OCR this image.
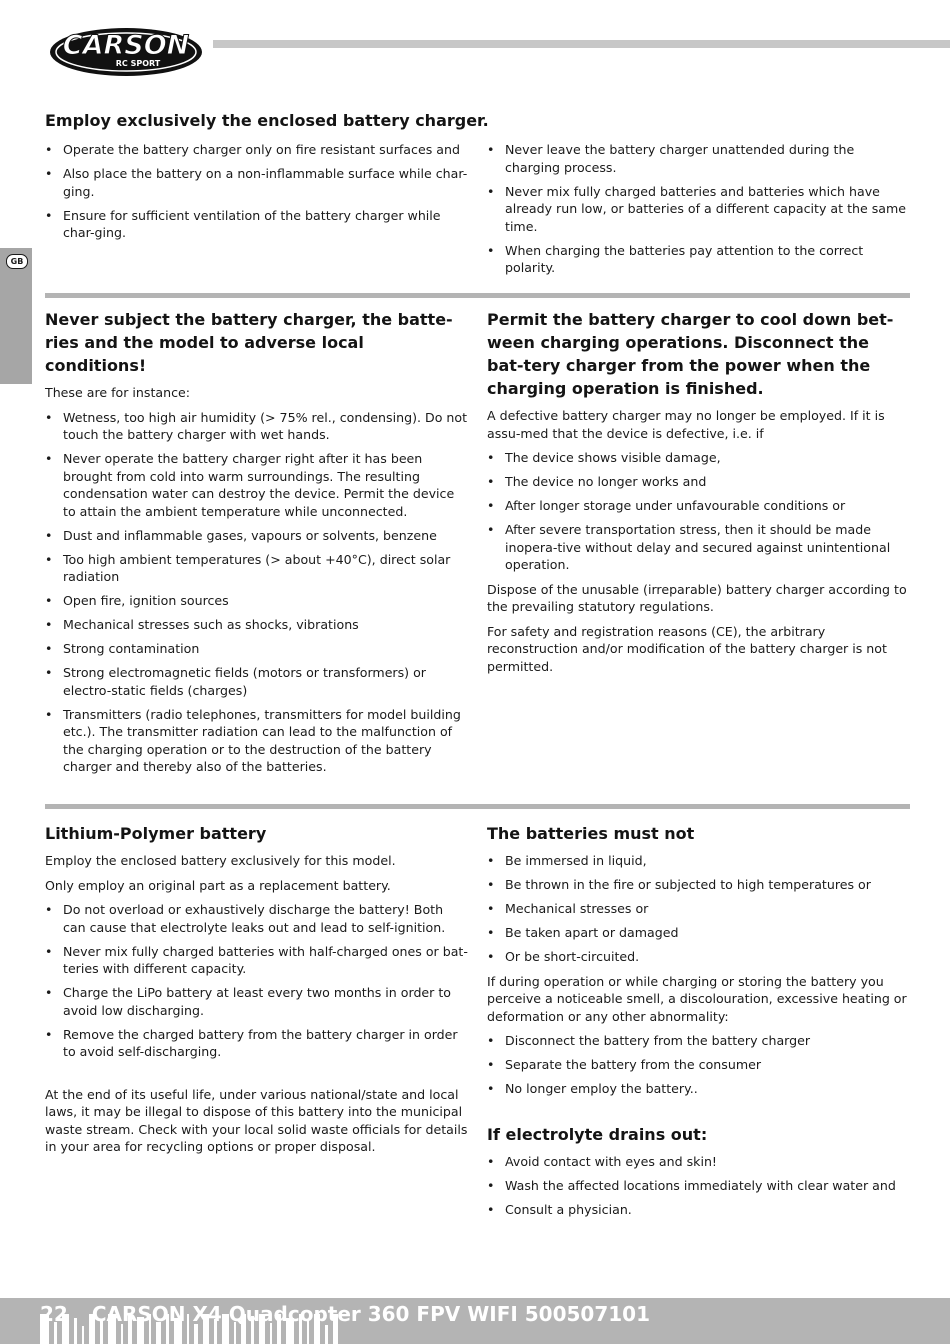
CARSON
RC SPORT
GB
Employ exclusively the enclosed battery charger.
• Operate the battery charger only on fire resistant surfaces and
• Also place the battery on a non-inflammable surface while char-ging.
• Ensure for sufficient ventilation of the battery charger while char-ging.
• Never leave the battery charger unattended during the charging process.
• Never mix fully charged batteries and batteries which have already run low, or batteries of a different capacity at the same time.
• When charging the batteries pay attention to the correct polarity.
Never subject the battery charger, the batte-ries and the model to adverse local conditions!

These are for instance:

• Wetness, too high air humidity (> 75% rel., condensing). Do not touch the battery charger with wet hands.
• Never operate the battery charger right after it has been brought from cold into warm surroundings. The resulting condensation water can destroy the device. Permit the device to attain the ambient temperature while unconnected.
• Dust and inflammable gases, vapours or solvents, benzene
• Too high ambient temperatures (> about +40°C), direct solar radiation
• Open fire, ignition sources
• Mechanical stresses such as shocks, vibrations
• Strong contamination
• Strong electromagnetic fields (motors or transformers) or electro-static fields (charges)
• Transmitters (radio telephones, transmitters for model building etc.). The transmitter radiation can lead to the malfunction of the charging operation or to the destruction of the battery charger and thereby also of the batteries.
Permit the battery charger to cool down bet-ween charging operations. Disconnect the bat-tery charger from the power when the charging operation is finished.

A defective battery charger may no longer be employed. If it is assu-med that the device is defective, i.e. if

• The device shows visible damage,
• The device no longer works and
• After longer storage under unfavourable conditions or
• After severe transportation stress, then it should be made inopera-tive without delay and secured against unintentional operation.

Dispose of the unusable (irreparable) battery charger according to the prevailing statutory regulations.

For safety and registration reasons (CE), the arbitrary reconstruction and/or modification of the battery charger is not permitted.

Lithium-Polymer battery

Employ the enclosed battery exclusively for this model.

Only employ an original part as a replacement battery.

• Do not overload or exhaustively discharge the battery! Both can cause that electrolyte leaks out and lead to self-ignition.
• Never mix fully charged batteries with half-charged ones or bat-teries with different capacity.
• Charge the LiPo battery at least every two months in order to avoid low discharging.
• Remove the charged battery from the battery charger in order to avoid self-discharging.

At the end of its useful life, under various national/state and local laws, it may be illegal to dispose of this battery into the municipal waste stream. Check with your local solid waste officials for details in your area for recycling options or proper disposal.

The batteries must not
• Be immersed in liquid,
• Be thrown in the fire or subjected to high temperatures or
• Mechanical stresses or
• Be taken apart or damaged
• Or be short-circuited.

If during operation or while charging or storing the battery you perceive a noticeable smell, a discolouration, excessive heating or deformation or any other abnormality:

• Disconnect the battery from the battery charger
• Separate the battery from the consumer
• No longer employ the battery..
If electrolyte drains out:
• Avoid contact with eyes and skin!
• Wash the affected locations immediately with clear water and
• Consult a physician.
22 CARSON X4 Quadcopter 360 FPV WIFI 500507101
